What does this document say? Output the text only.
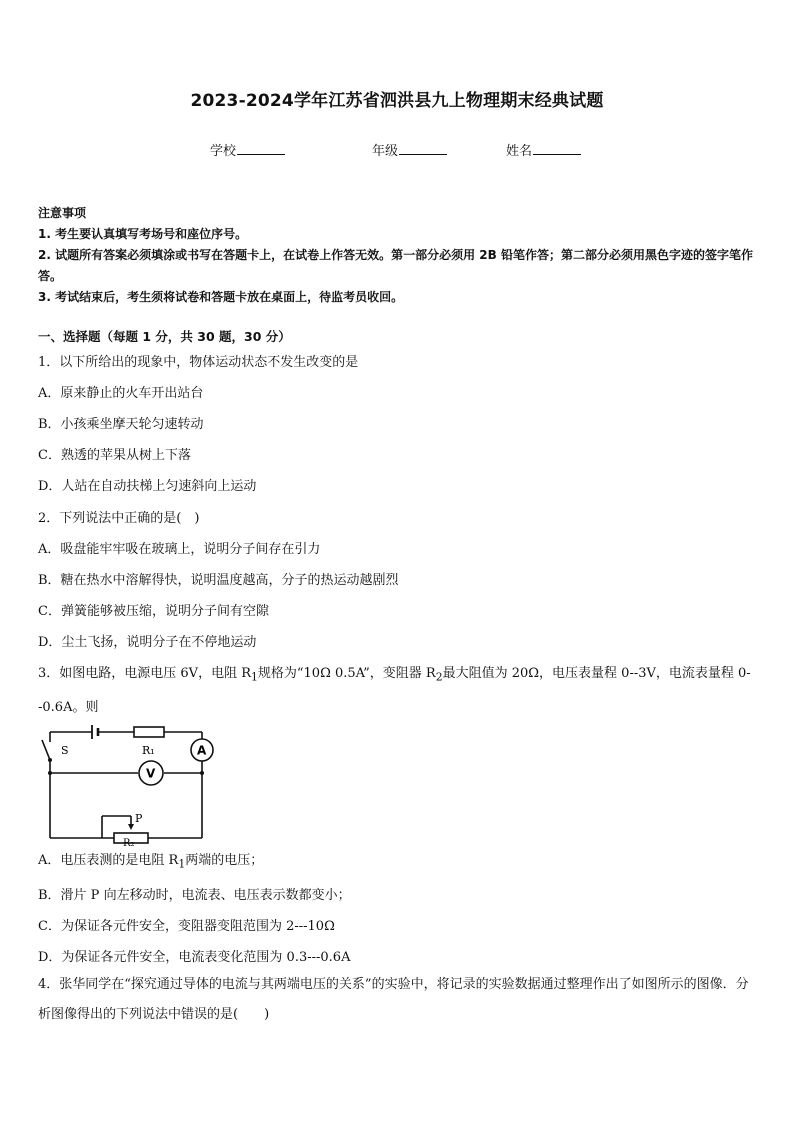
2023-2024学年江苏省泗洪县九上物理期末经典试题
学校	年级	姓名
注意事项
1. 考生要认真填写考场号和座位序号。
2. 试题所有答案必须填涂或书写在答题卡上，在试卷上作答无效。第一部分必须用 2B 铅笔作答；第二部分必须用黑色字迹的签字笔作答。
3. 考试结束后，考生须将试卷和答题卡放在桌面上，待监考员收回。
一、选择题（每题 1 分，共 30 题，30 分）
1．以下所给出的现象中，物体运动状态不发生改变的是
A．原来静止的火车开出站台
B．小孩乘坐摩天轮匀速转动
C．熟透的苹果从树上下落
D．人站在自动扶梯上匀速斜向上运动
2．下列说法中正确的是(　)
A．吸盘能牢牢吸在玻璃上，说明分子间存在引力
B．糖在热水中溶解得快，说明温度越高，分子的热运动越剧烈
C．弹簧能够被压缩，说明分子间有空隙
D．尘土飞扬，说明分子在不停地运动
3．如图电路，电源电压 6V，电阻 $R_1$规格为“10Ω 0.5A”，变阻器 $R_2$最大阻值为 20Ω，电压表量程 0--3V，电流表量程 0--0.6A。则
R₁
S	A
V
P
R₂
A．电压表测的是电阻 $R_1$两端的电压；
B．滑片 P 向左移动时，电流表、电压表示数都变小；
C．为保证各元件安全，变阻器变阻范围为 2---10Ω
D．为保证各元件安全，电流表变化范围为 0.3---0.6A
4．张华同学在“探究通过导体的电流与其两端电压的关系”的实验中，将记录的实验数据通过整理作出了如图所示的图像．分析图像得出的下列说法中错误的是(　　)
